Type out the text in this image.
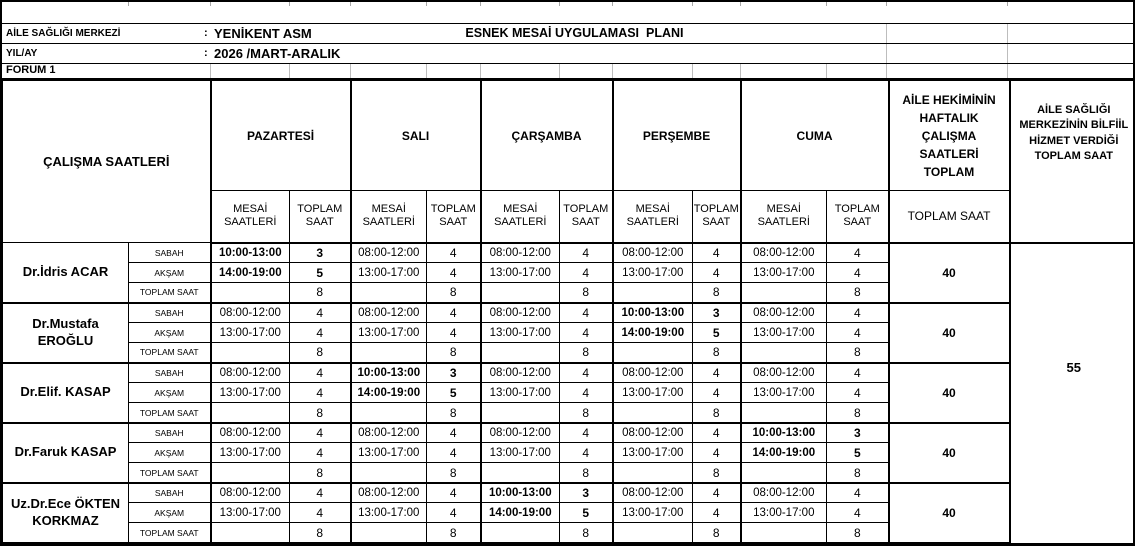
ESNEK MESAİ UYGULAMASI  PLANI

AİLE SAĞLIĞI MERKEZİ	: YENİKENT ASM
YIL/AY	: 2026 /MART-ARALIK
FORUM 1
ÇALIŞMA SAATLERİ		PAZARTESİ		SALI		ÇARŞAMBA		PERŞEMBE		CUMA		AİLE HEKİMİNİN HAFTALIK ÇALIŞMA SAATLERİ TOPLAM	AİLE SAĞLIĞI MERKEZİNİN BİLFİİL HİZMET VERDİĞİ TOPLAM SAAT
		MESAİ SAATLERİ	TOPLAM SAAT	MESAİ SAATLERİ	TOPLAM SAAT	MESAİ SAATLERİ	TOPLAM SAAT	MESAİ SAATLERİ	TOPLAM SAAT	MESAİ SAATLERİ	TOPLAM SAAT	TOPLAM SAAT	
Dr.İdris ACAR	SABAH	10:00-13:00	3	08:00-12:00	4	08:00-12:00	4	08:00-12:00	4	08:00-12:00	4	40	55
	AKŞAM	14:00-19:00	5	13:00-17:00	4	13:00-17:00	4	13:00-17:00	4	13:00-17:00	4		
	TOPLAM SAAT		8		8		8		8		8		
Dr.Mustafa EROĞLU	SABAH	08:00-12:00	4	08:00-12:00	4	08:00-12:00	4	10:00-13:00	3	08:00-12:00	4	40	
	AKŞAM	13:00-17:00	4	13:00-17:00	4	13:00-17:00	4	14:00-19:00	5	13:00-17:00	4		
	TOPLAM SAAT		8		8		8		8		8		
Dr.Elif. KASAP	SABAH	08:00-12:00	4	10:00-13:00	3	08:00-12:00	4	08:00-12:00	4	08:00-12:00	4	40	
	AKŞAM	13:00-17:00	4	14:00-19:00	5	13:00-17:00	4	13:00-17:00	4	13:00-17:00	4		
	TOPLAM SAAT		8		8		8		8		8		
Dr.Faruk KASAP	SABAH	08:00-12:00	4	08:00-12:00	4	08:00-12:00	4	08:00-12:00	4	10:00-13:00	3	40	
	AKŞAM	13:00-17:00	4	13:00-17:00	4	13:00-17:00	4	13:00-17:00	4	14:00-19:00	5		
	TOPLAM SAAT		8		8		8		8		8		
Uz.Dr.Ece ÖKTEN KORKMAZ	SABAH	08:00-12:00	4	08:00-12:00	4	10:00-13:00	3	08:00-12:00	4	08:00-12:00	4	40	
	AKŞAM	13:00-17:00	4	13:00-17:00	4	14:00-19:00	5	13:00-17:00	4	13:00-17:00	4		
	TOPLAM SAAT		8		8		8		8		8		
